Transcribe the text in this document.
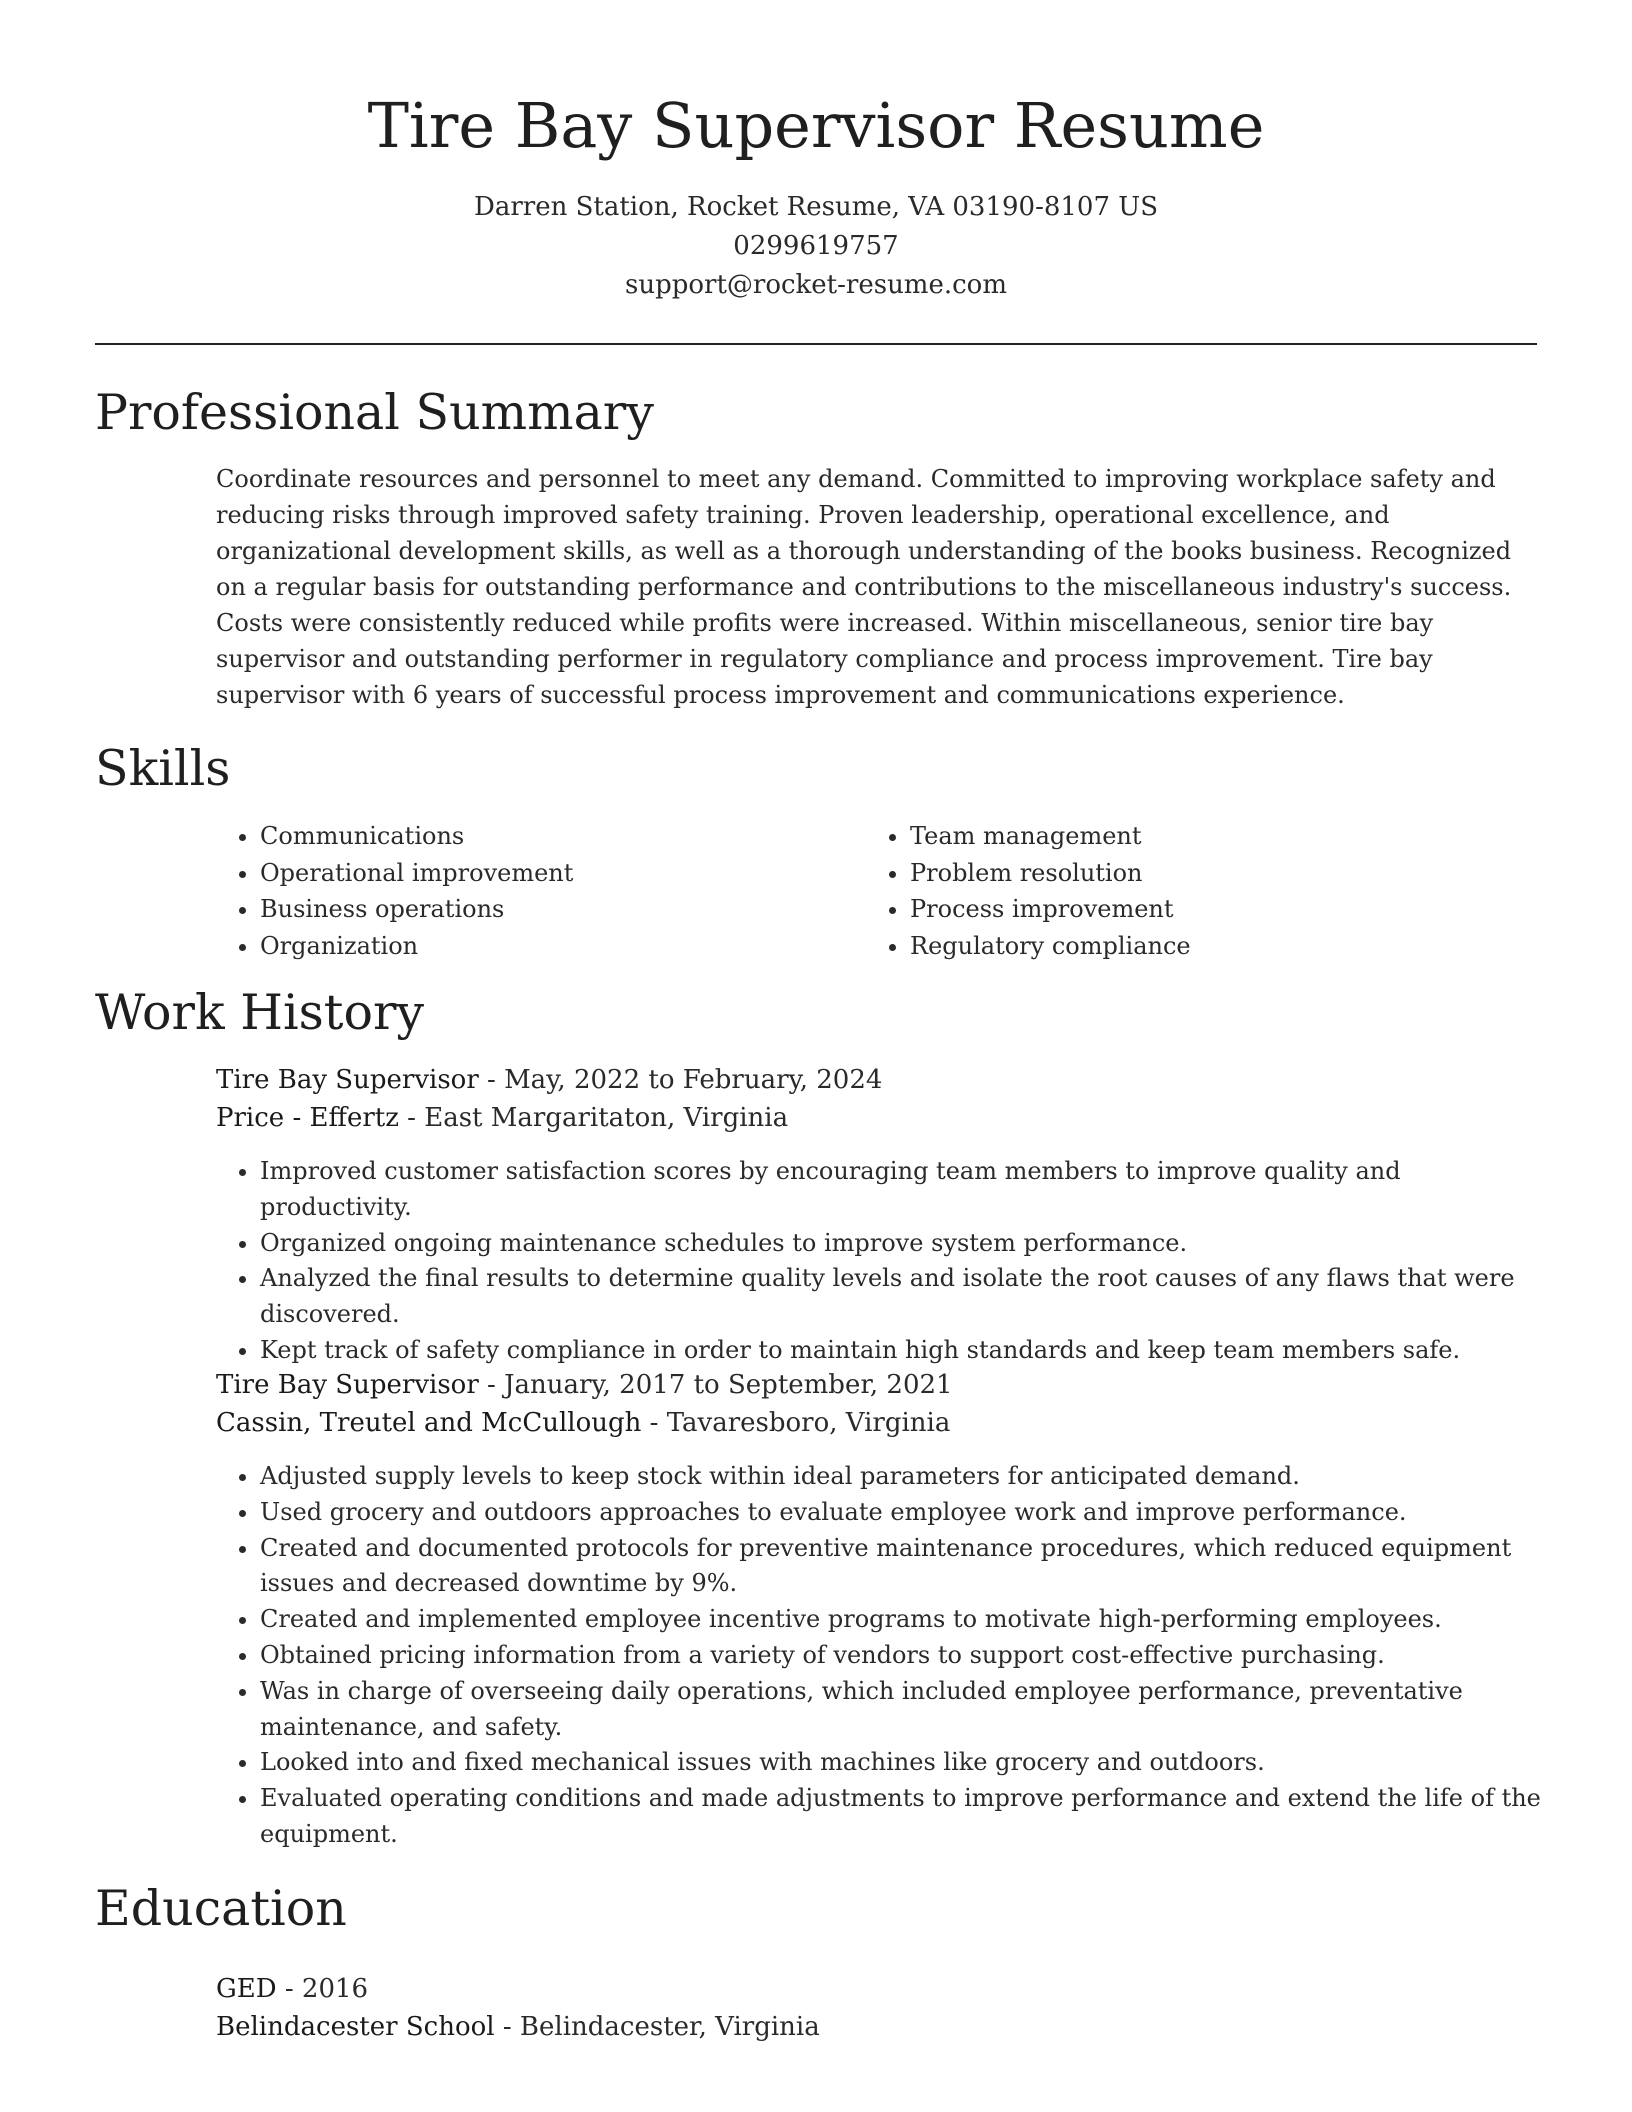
Tire Bay Supervisor Resume
Darren Station, Rocket Resume, VA 03190-8107 US
0299619757
support@rocket-resume.com
Professional Summary

Coordinate resources and personnel to meet any demand. Committed to improving workplace safety and reducing risks through improved safety training. Proven leadership, operational excellence, and organizational development skills, as well as a thorough understanding of the books business. Recognized on a regular basis for outstanding performance and contributions to the miscellaneous industry's success. Costs were consistently reduced while profits were increased. Within miscellaneous, senior tire bay supervisor and outstanding performer in regulatory compliance and process improvement. Tire bay supervisor with 6 years of successful process improvement and communications experience.

Skills
• Communications
• Operational improvement
• Business operations
• Organization
• Team management
• Problem resolution
• Process improvement
• Regulatory compliance
Work History
Tire Bay Supervisor - May, 2022 to February, 2024
Price - Effertz - East Margaritaton, Virginia
• Improved customer satisfaction scores by encouraging team members to improve quality and productivity.
• Organized ongoing maintenance schedules to improve system performance.
• Analyzed the final results to determine quality levels and isolate the root causes of any flaws that were discovered.
• Kept track of safety compliance in order to maintain high standards and keep team members safe.
Tire Bay Supervisor - January, 2017 to September, 2021
Cassin, Treutel and McCullough - Tavaresboro, Virginia
• Adjusted supply levels to keep stock within ideal parameters for anticipated demand.
• Used grocery and outdoors approaches to evaluate employee work and improve performance.
• Created and documented protocols for preventive maintenance procedures, which reduced equipment issues and decreased downtime by 9%.
• Created and implemented employee incentive programs to motivate high-performing employees.
• Obtained pricing information from a variety of vendors to support cost-effective purchasing.
• Was in charge of overseeing daily operations, which included employee performance, preventative maintenance, and safety.
• Looked into and fixed mechanical issues with machines like grocery and outdoors.
• Evaluated operating conditions and made adjustments to improve performance and extend the life of the equipment.
Education
GED - 2016
Belindacester School - Belindacester, Virginia
